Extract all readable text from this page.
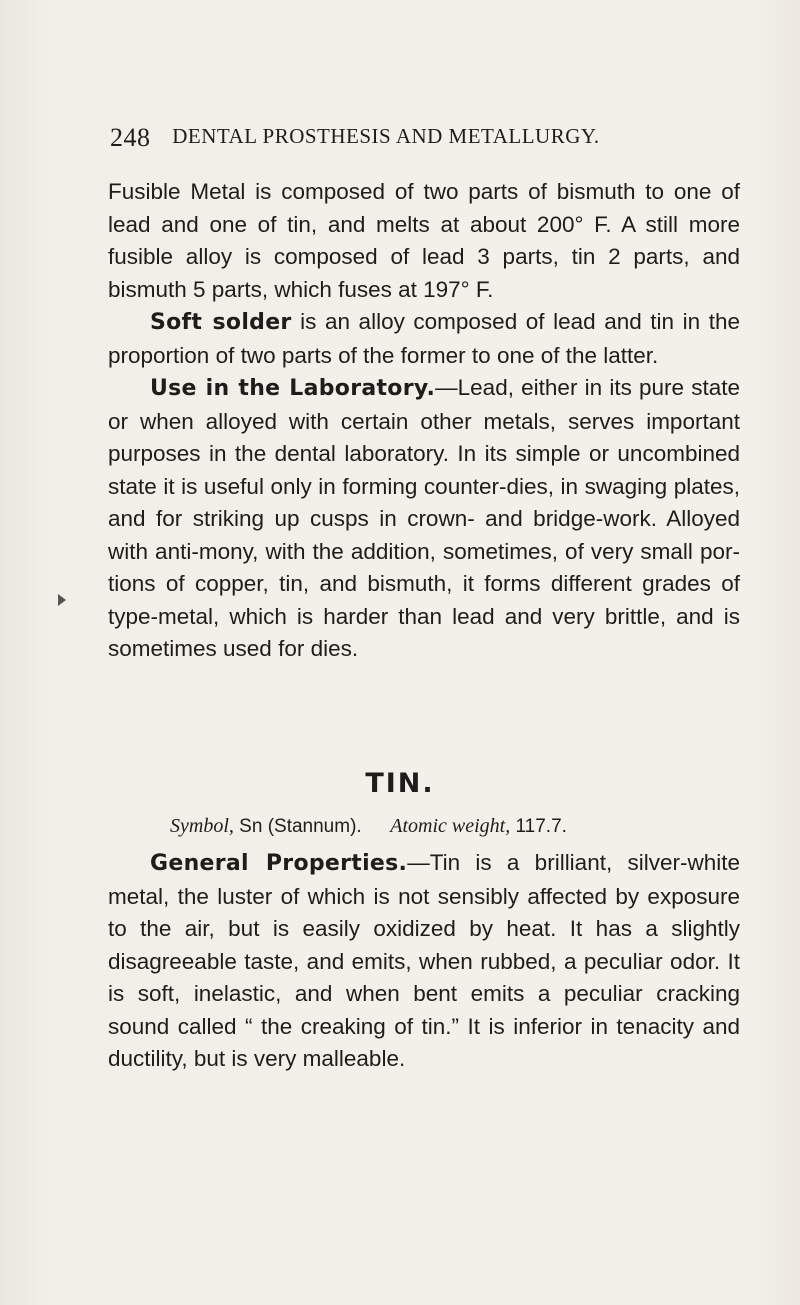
248 DENTAL PROSTHESIS AND METALLURGY.

Fusible Metal is composed of two parts of bismuth to one of lead and one of tin, and melts at about 200° F. A still more fusible alloy is composed of lead 3 parts, tin 2 parts, and bismuth 5 parts, which fuses at 197° F.

Soft solder is an alloy composed of lead and tin in the proportion of two parts of the former to one of the latter.

Use in the Laboratory.—Lead, either in its pure state or when alloyed with certain other metals, serves important purposes in the dental laboratory. In its simple or uncombined state it is useful only in forming counter-dies, in swaging plates, and for striking up cusps in crown- and bridge-work. Alloyed with anti-mony, with the addition, sometimes, of very small por-tions of copper, tin, and bismuth, it forms different grades of type-metal, which is harder than lead and very brittle, and is sometimes used for dies.

TIN.
Symbol, Sn (Stannum). Atomic weight, 117.7.

General Properties.—Tin is a brilliant, silver-white metal, the luster of which is not sensibly affected by exposure to the air, but is easily oxidized by heat. It has a slightly disagreeable taste, and emits, when rubbed, a peculiar odor. It is soft, inelastic, and when bent emits a peculiar cracking sound called “ the creaking of tin.” It is inferior in tenacity and ductility, but is very malleable.
